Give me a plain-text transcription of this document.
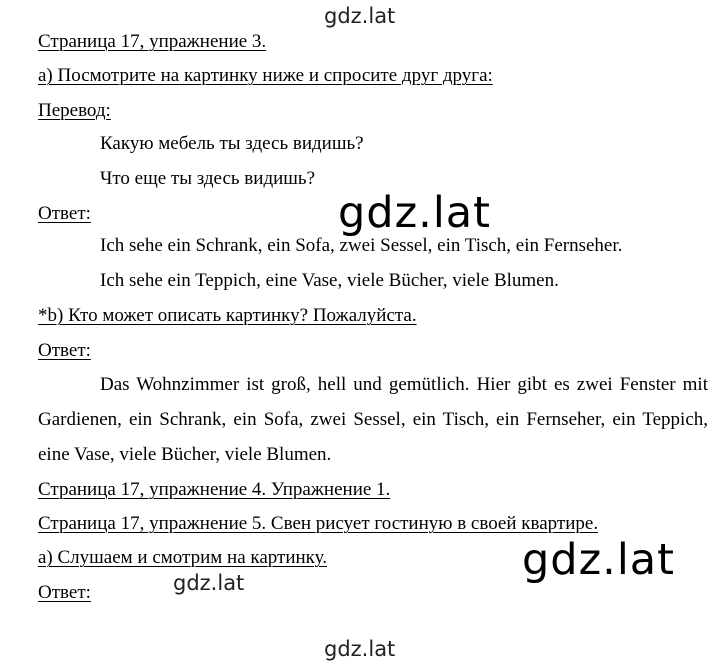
gdz.lat
Страница 17, упражнение 3.
а) Посмотрите на картинку ниже и спросите друг друга:
Перевод:
Какую мебель ты здесь видишь?
Что еще ты здесь видишь?
Ответ:	gdz.lat
Ich sehe ein Schrank, ein Sofa, zwei Sessel, ein Tisch, ein Fernseher.
Ich sehe ein Teppich, eine Vase, viele Bücher, viele Blumen.
*b) Кто может описать картинку? Пожалуйста.
Ответ:
Das Wohnzimmer ist groß, hell und gemütlich. Hier gibt es zwei Fenster mit Gardienen, ein Schrank, ein Sofa, zwei Sessel, ein Tisch, ein Fernseher, ein Teppich, eine Vase, viele Bücher, viele Blumen.
Страница 17, упражнение 4. Упражнение 1.
Страница 17, упражнение 5. Свен рисует гостиную в своей квартире.
а) Слушаем и смотрим на картинку.
Ответ:
gdz.lat
gdz.lat
gdz.lat
